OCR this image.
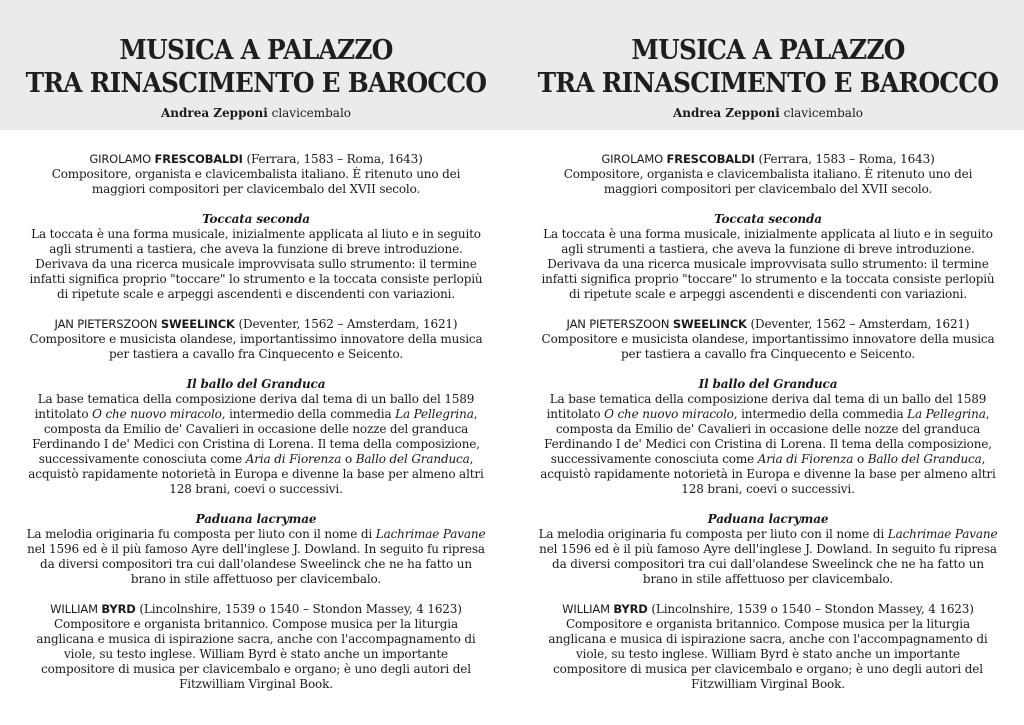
MUSICA A PALAZZO
TRA RINASCIMENTO E BAROCCO
Andrea Zepponi clavicembalo

GIROLAMO FRESCOBALDI (Ferrara, 1583 – Roma, 1643)

Compositore, organista e clavicembalista italiano. È ritenuto uno dei maggiori compositori per clavicembalo del XVII secolo.

Toccata seconda

La toccata è una forma musicale, inizialmente applicata al liuto e in seguito agli strumenti a tastiera, che aveva la funzione di breve introduzione. Derivava da una ricerca musicale improvvisata sullo strumento: il termine infatti significa proprio "toccare" lo strumento e la toccata consiste perlopiù di ripetute scale e arpeggi ascendenti e discendenti con variazioni.

JAN PIETERSZOON SWEELINCK (Deventer, 1562 – Amsterdam, 1621)

Compositore e musicista olandese, importantissimo innovatore della musica per tastiera a cavallo fra Cinquecento e Seicento.

Il ballo del Granduca

La base tematica della composizione deriva dal tema di un ballo del 1589 intitolato O che nuovo miracolo, intermedio della commedia La Pellegrina, composta da Emilio de' Cavalieri in occasione delle nozze del granduca Ferdinando I de' Medici con Cristina di Lorena. Il tema della composizione, successivamente conosciuta come Aria di Fiorenza o Ballo del Granduca, acquistò rapidamente notorietà in Europa e divenne la base per almeno altri 128 brani, coevi o successivi.

Paduana lacrymae

La melodia originaria fu composta per liuto con il nome di Lachrimae Pavane nel 1596 ed è il più famoso Ayre dell'inglese J. Dowland. In seguito fu ripresa da diversi compositori tra cui dall'olandese Sweelinck che ne ha fatto un brano in stile affettuoso per clavicembalo.

WILLIAM BYRD (Lincolnshire, 1539 o 1540 – Stondon Massey, 4 1623)

Compositore e organista britannico. Compose musica per la liturgia anglicana e musica di ispirazione sacra, anche con l'accompagnamento di viole, su testo inglese. William Byrd è stato anche un importante compositore di musica per clavicembalo e organo; è uno degli autori del Fitzwilliam Virginal Book.

MUSICA A PALAZZO
TRA RINASCIMENTO E BAROCCO
Andrea Zepponi clavicembalo

GIROLAMO FRESCOBALDI (Ferrara, 1583 – Roma, 1643)

Compositore, organista e clavicembalista italiano. È ritenuto uno dei maggiori compositori per clavicembalo del XVII secolo.

Toccata seconda

La toccata è una forma musicale, inizialmente applicata al liuto e in seguito agli strumenti a tastiera, che aveva la funzione di breve introduzione. Derivava da una ricerca musicale improvvisata sullo strumento: il termine infatti significa proprio "toccare" lo strumento e la toccata consiste perlopiù di ripetute scale e arpeggi ascendenti e discendenti con variazioni.

JAN PIETERSZOON SWEELINCK (Deventer, 1562 – Amsterdam, 1621)

Compositore e musicista olandese, importantissimo innovatore della musica per tastiera a cavallo fra Cinquecento e Seicento.

Il ballo del Granduca

La base tematica della composizione deriva dal tema di un ballo del 1589 intitolato O che nuovo miracolo, intermedio della commedia La Pellegrina, composta da Emilio de' Cavalieri in occasione delle nozze del granduca Ferdinando I de' Medici con Cristina di Lorena. Il tema della composizione, successivamente conosciuta come Aria di Fiorenza o Ballo del Granduca, acquistò rapidamente notorietà in Europa e divenne la base per almeno altri 128 brani, coevi o successivi.

Paduana lacrymae

La melodia originaria fu composta per liuto con il nome di Lachrimae Pavane nel 1596 ed è il più famoso Ayre dell'inglese J. Dowland. In seguito fu ripresa da diversi compositori tra cui dall'olandese Sweelinck che ne ha fatto un brano in stile affettuoso per clavicembalo.

WILLIAM BYRD (Lincolnshire, 1539 o 1540 – Stondon Massey, 4 1623)

Compositore e organista britannico. Compose musica per la liturgia anglicana e musica di ispirazione sacra, anche con l'accompagnamento di viole, su testo inglese. William Byrd è stato anche un importante compositore di musica per clavicembalo e organo; è uno degli autori del Fitzwilliam Virginal Book.
